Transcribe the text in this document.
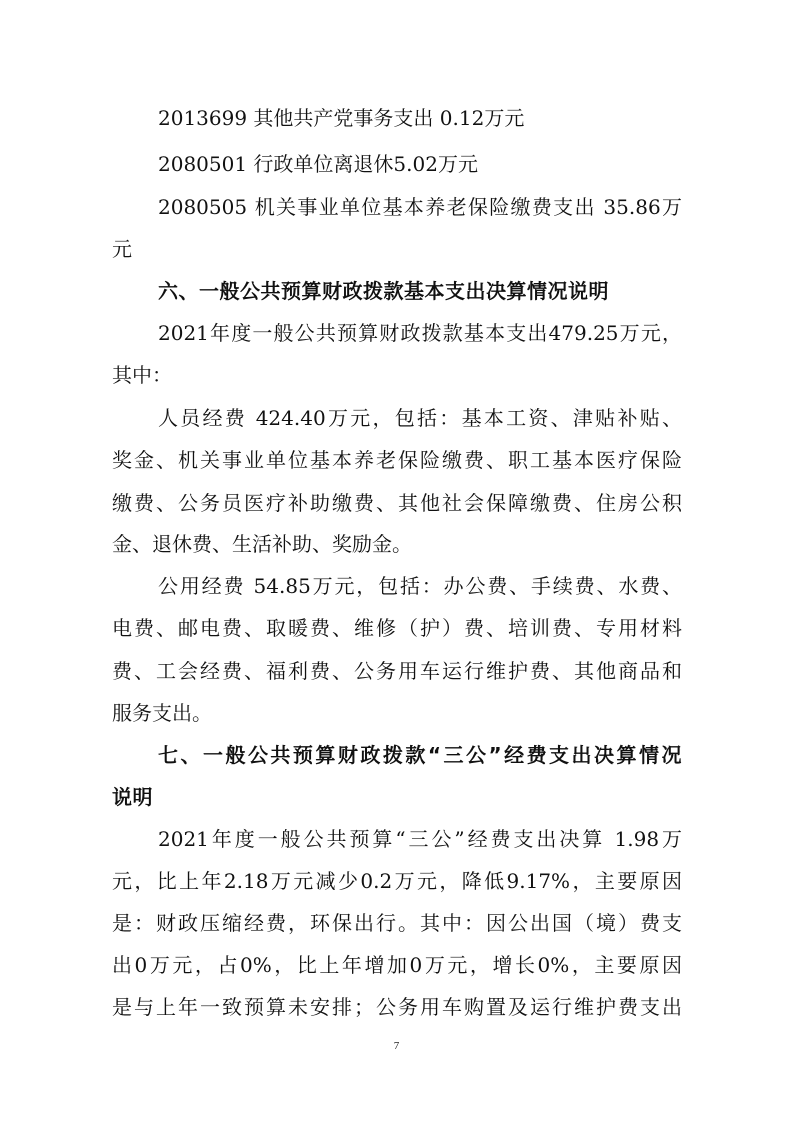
2013699 其他共产党事务支出 0.12万元
2080501 行政单位离退休5.02万元
2080505 机关事业单位基本养老保险缴费支出 35.86万
元
六、一般公共预算财政拨款基本支出决算情况说明
2021年度一般公共预算财政拨款基本支出479.25万元，
其中：
人员经费 424.40万元，包括：基本工资、津贴补贴、
奖金、机关事业单位基本养老保险缴费、职工基本医疗保险
缴费、公务员医疗补助缴费、其他社会保障缴费、住房公积
金、退休费、生活补助、奖励金。
公用经费 54.85万元，包括：办公费、手续费、水费、
电费、邮电费、取暖费、维修（护）费、培训费、专用材料
费、工会经费、福利费、公务用车运行维护费、其他商品和
服务支出。
七、一般公共预算财政拨款“三公”经费支出决算情况
说明
2021年度一般公共预算“三公”经费支出决算 1.98万
元，比上年2.18万元减少0.2万元，降低9.17%，主要原因
是：财政压缩经费，环保出行。其中：因公出国（境）费支
出0万元，占0%，比上年增加0万元，增长0%，主要原因
是与上年一致预算未安排；公务用车购置及运行维护费支出
7
